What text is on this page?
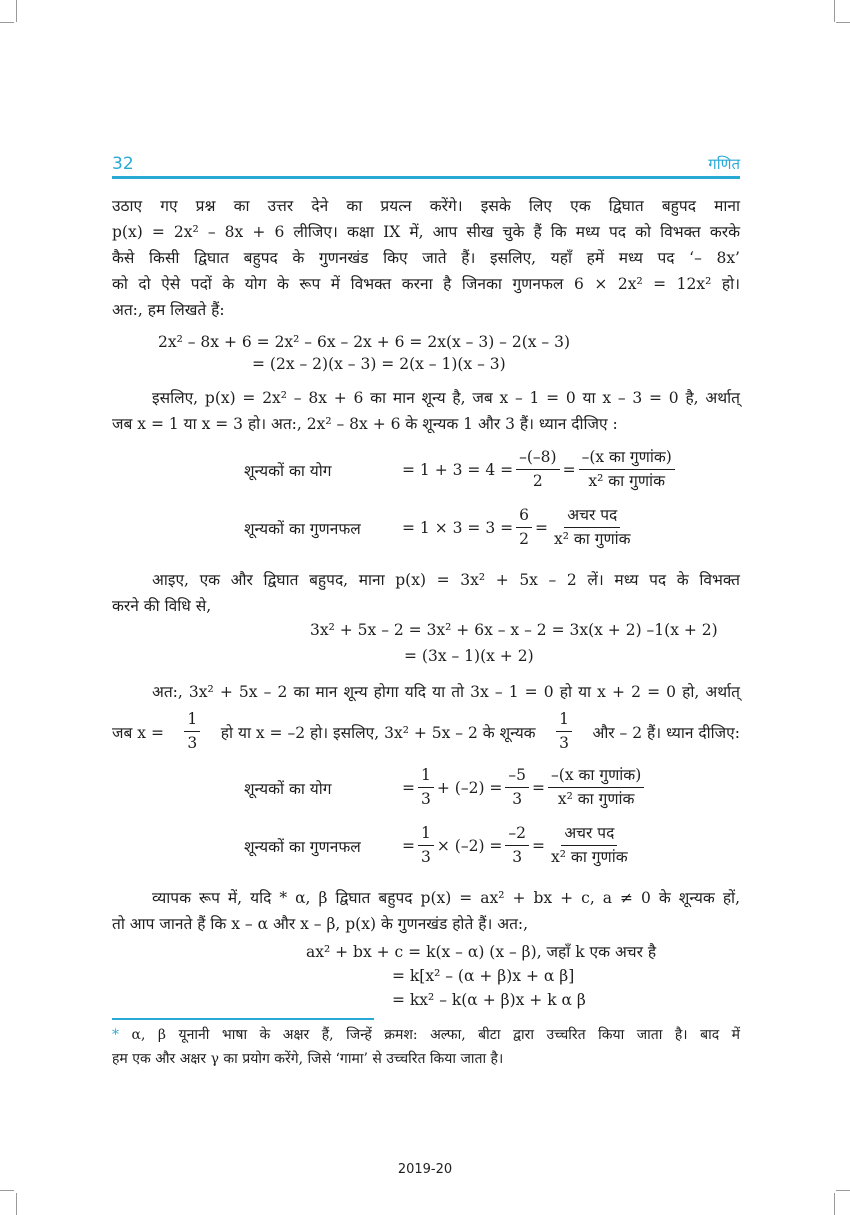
32	गणित
उठाए गए प्रश्न का उत्तर देने का प्रयत्न करेंगे। इसके लिए एक द्विघात बहुपद माना
p(x) = 2x² – 8x + 6 लीजिए। कक्षा IX में, आप सीख चुके हैं कि मध्य पद को विभक्त करके
कैसे किसी द्विघात बहुपद के गुणनखंड किए जाते हैं। इसलिए, यहाँ हमें मध्य पद ‘– 8x’
को दो ऐसे पदों के योग के रूप में विभक्त करना है जिनका गुणनफल 6 × 2x² = 12x² हो।
अत:, हम लिखते हैं:
2x² – 8x + 6 = 2x² – 6x – 2x + 6 = 2x(x – 3) – 2(x – 3)
= (2x – 2)(x – 3) = 2(x – 1)(x – 3)
इसलिए, p(x) = 2x² – 8x + 6 का मान शून्य है, जब x – 1 = 0 या x – 3 = 0 है, अर्थात्
जब x = 1 या x = 3 हो। अत:, 2x² – 8x + 6 के शून्यक 1 और 3 हैं। ध्यान दीजिए :
शून्यकों का योग	= $1 + 3 = 4 = \frac{-(-8)}{2} = \frac{\text{–(x का गुणांक)}}{\text{x² का गुणांक}}$
शून्यकों का गुणनफल	= $1 \times 3 = 3 = \frac{6}{2} = \frac{\text{अचर पद}}{\text{x² का गुणांक}}$
आइए, एक और द्विघात बहुपद, माना p(x) = 3x² + 5x – 2 लें। मध्य पद के विभक्त
करने की विधि से,
3x² + 5x – 2 = 3x² + 6x – x – 2 = 3x(x + 2) –1(x + 2)
= (3x – 1)(x + 2)
अत:, 3x² + 5x – 2 का मान शून्य होगा यदि या तो 3x – 1 = 0 हो या x + 2 = 0 हो, अर्थात्
जब $x = \frac{1}{3}$ हो या x = –2 हो। इसलिए, 3x² + 5x – 2 के शून्यक $\frac{1}{3}$ और – 2 हैं। ध्यान दीजिए:
शून्यकों का योग	= $\frac{1}{3} + (-2) = \frac{-5}{3} = \frac{\text{–(x का गुणांक)}}{\text{x² का गुणांक}}$
शून्यकों का गुणनफल	= $\frac{1}{3} \times (-2) = \frac{-2}{3} = \frac{\text{अचर पद}}{\text{x² का गुणांक}}$
व्यापक रूप में, यदि * α, β द्विघात बहुपद p(x) = ax² + bx + c, a ≠ 0 के शून्यक हों,
तो आप जानते हैं कि x – α और x – β, p(x) के गुणनखंड होते हैं। अत:,
ax² + bx + c = k(x – α) (x – β), जहाँ k एक अचर है
= k[x² – (α + β)x + α β]
= kx² – k(α + β)x + k α β
* α, β यूनानी भाषा के अक्षर हैं, जिन्हें क्रमश: अल्फा, बीटा द्वारा उच्चरित किया जाता है। बाद में
हम एक और अक्षर γ का प्रयोग करेंगे, जिसे ‘गामा’ से उच्चरित किया जाता है।
2019-20
